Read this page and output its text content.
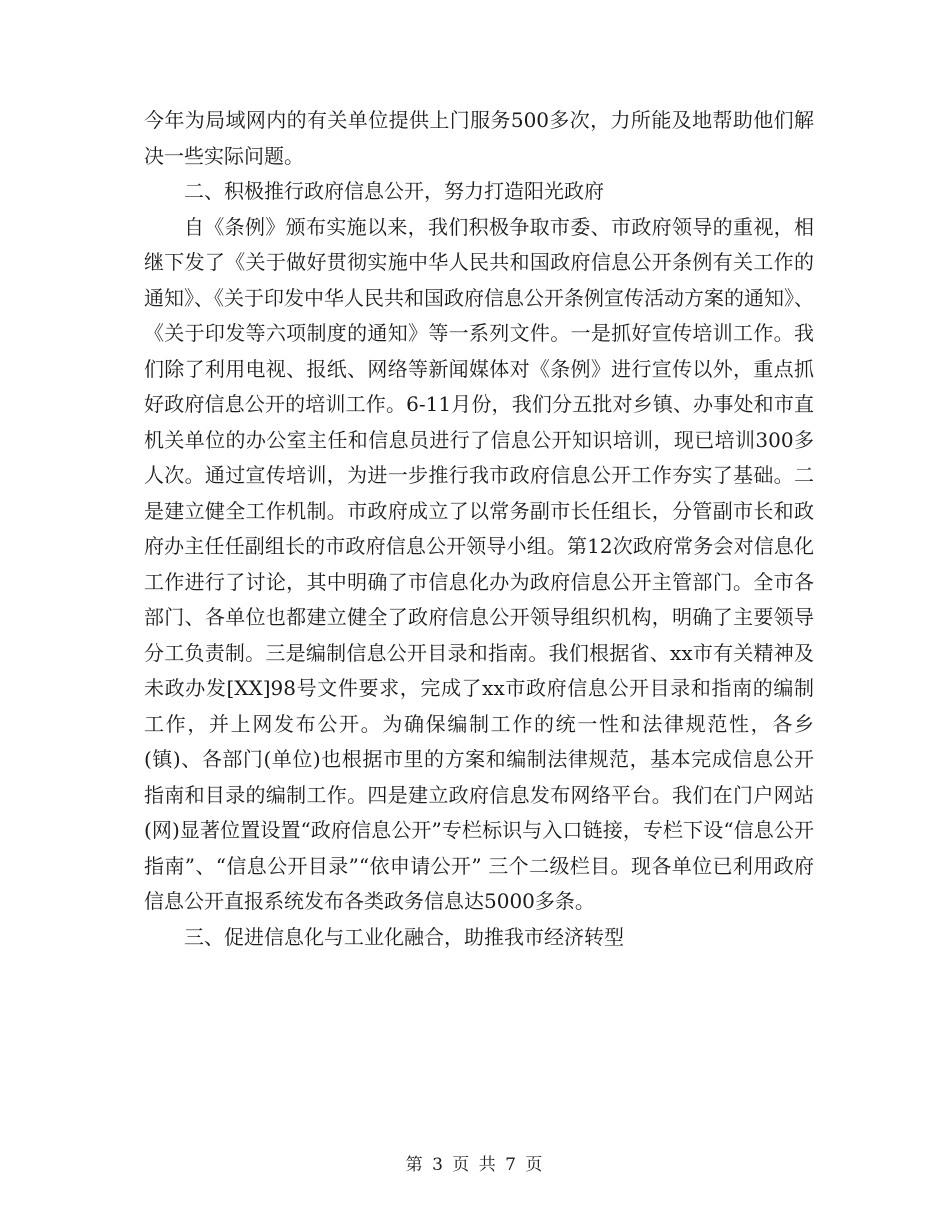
今年为局域网内的有关单位提供上门服务500多次，力所能及地帮助他们解决一些实际问题。

二、积极推行政府信息公开，努力打造阳光政府

自《条例》颁布实施以来，我们积极争取市委、市政府领导的重视，相继下发了《关于做好贯彻实施中华人民共和国政府信息公开条例有关工作的通知》、《关于印发中华人民共和国政府信息公开条例宣传活动方案的通知》、《关于印发等六项制度的通知》等一系列文件。一是抓好宣传培训工作。我们除了利用电视、报纸、网络等新闻媒体对《条例》进行宣传以外，重点抓好政府信息公开的培训工作。6-11月份，我们分五批对乡镇、办事处和市直机关单位的办公室主任和信息员进行了信息公开知识培训，现已培训300多人次。通过宣传培训，为进一步推行我市政府信息公开工作夯实了基础。二是建立健全工作机制。市政府成立了以常务副市长任组长，分管副市长和政府办主任任副组长的市政府信息公开领导小组。第12次政府常务会对信息化工作进行了讨论，其中明确了市信息化办为政府信息公开主管部门。全市各部门、各单位也都建立健全了政府信息公开领导组织机构，明确了主要领导分工负责制。三是编制信息公开目录和指南。我们根据省、xx市有关精神及未政办发[XX]98号文件要求，完成了xx市政府信息公开目录和指南的编制工作，并上网发布公开。为确保编制工作的统一性和法律规范性，各乡(镇)、各部门(单位)也根据市里的方案和编制法律规范，基本完成信息公开指南和目录的编制工作。四是建立政府信息发布网络平台。我们在门户网站(网)显著位置设置“政府信息公开”专栏标识与入口链接，专栏下设“信息公开指南”、“信息公开目录”“依申请公开” 三个二级栏目。现各单位已利用政府信息公开直报系统发布各类政务信息达5000多条。

三、促进信息化与工业化融合，助推我市经济转型

第 3 页 共 7 页
